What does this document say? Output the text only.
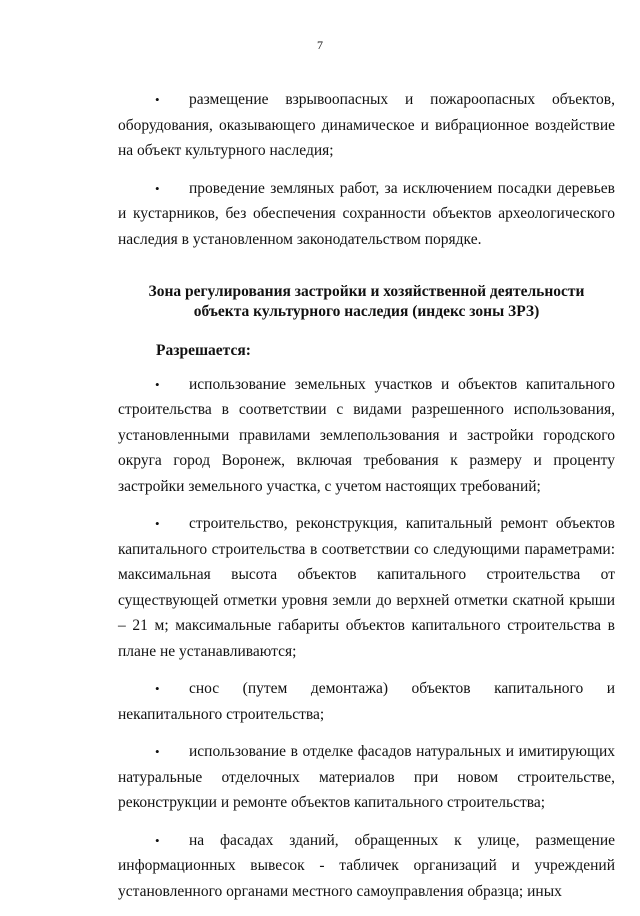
7

• размещение взрывоопасных и пожароопасных объектов, оборудования, оказывающего динамическое и вибрационное воздействие на объект культурного наследия;

• проведение земляных работ, за исключением посадки деревьев и кустарников, без обеспечения сохранности объектов археологического наследия в установленном законодательством порядке.

Зона регулирования застройки и хозяйственной деятельности
объекта культурного наследия (индекс зоны ЗРЗ)

Разрешается:

• использование земельных участков и объектов капитального строительства в соответствии с видами разрешенного использования, установленными правилами землепользования и застройки городского округа город Воронеж, включая требования к размеру и проценту застройки земельного участка, с учетом настоящих требований;

• строительство, реконструкция, капитальный ремонт объектов капитального строительства в соответствии со следующими параметрами: максимальная высота объектов капитального строительства от существующей отметки уровня земли до верхней отметки скатной крыши – 21 м; максимальные габариты объектов капитального строительства в плане не устанавливаются;

• снос (путем демонтажа) объектов капитального и некапитального строительства;

• использование в отделке фасадов натуральных и имитирующих натуральные отделочных материалов при новом строительстве, реконструкции и ремонте объектов капитального строительства;

• на фасадах зданий, обращенных к улице, размещение информационных вывесок - табличек организаций и учреждений установленного органами местного самоуправления образца; иных
